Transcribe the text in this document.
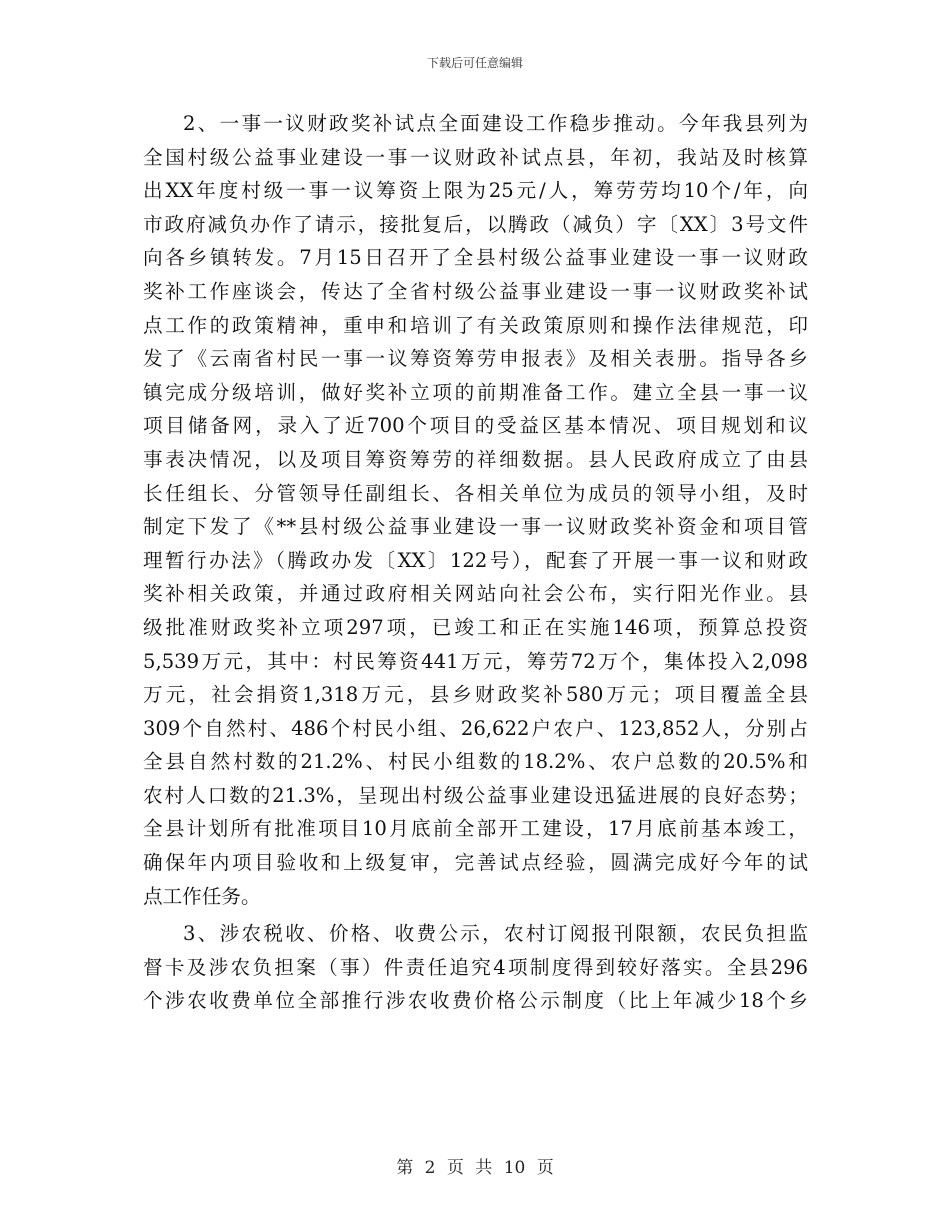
下载后可任意编辑
2、一事一议财政奖补试点全面建设工作稳步推动。今年我县列为
全国村级公益事业建设一事一议财政补试点县，年初，我站及时核算
出XX年度村级一事一议筹资上限为25元/人，筹劳劳均10个/年，向
市政府减负办作了请示，接批复后，以腾政（减负）字〔XX〕3号文件
向各乡镇转发。7月15日召开了全县村级公益事业建设一事一议财政
奖补工作座谈会，传达了全省村级公益事业建设一事一议财政奖补试
点工作的政策精神，重申和培训了有关政策原则和操作法律规范，印
发了《云南省村民一事一议筹资筹劳申报表》及相关表册。指导各乡
镇完成分级培训，做好奖补立项的前期准备工作。建立全县一事一议
项目储备网，录入了近700个项目的受益区基本情况、项目规划和议
事表决情况，以及项目筹资筹劳的祥细数据。县人民政府成立了由县
长任组长、分管领导任副组长、各相关单位为成员的领导小组，及时
制定下发了《**县村级公益事业建设一事一议财政奖补资金和项目管
理暂行办法》（腾政办发〔XX〕122号），配套了开展一事一议和财政
奖补相关政策，并通过政府相关网站向社会公布，实行阳光作业。县
级批准财政奖补立项297项，已竣工和正在实施146项，预算总投资
5,539万元，其中：村民筹资441万元，筹劳72万个，集体投入2,098
万元，社会捐资1,318万元，县乡财政奖补580万元；项目覆盖全县
309个自然村、486个村民小组、26,622户农户、123,852人，分别占
全县自然村数的21.2%、村民小组数的18.2%、农户总数的20.5%和
农村人口数的21.3%，呈现出村级公益事业建设迅猛进展的良好态势；
全县计划所有批准项目10月底前全部开工建设，17月底前基本竣工，
确保年内项目验收和上级复审，完善试点经验，圆满完成好今年的试
点工作任务。
3、涉农税收、价格、收费公示，农村订阅报刊限额，农民负担监
督卡及涉农负担案（事）件责任追究4项制度得到较好落实。全县296
个涉农收费单位全部推行涉农收费价格公示制度（比上年减少18个乡
第 2 页 共 10 页
